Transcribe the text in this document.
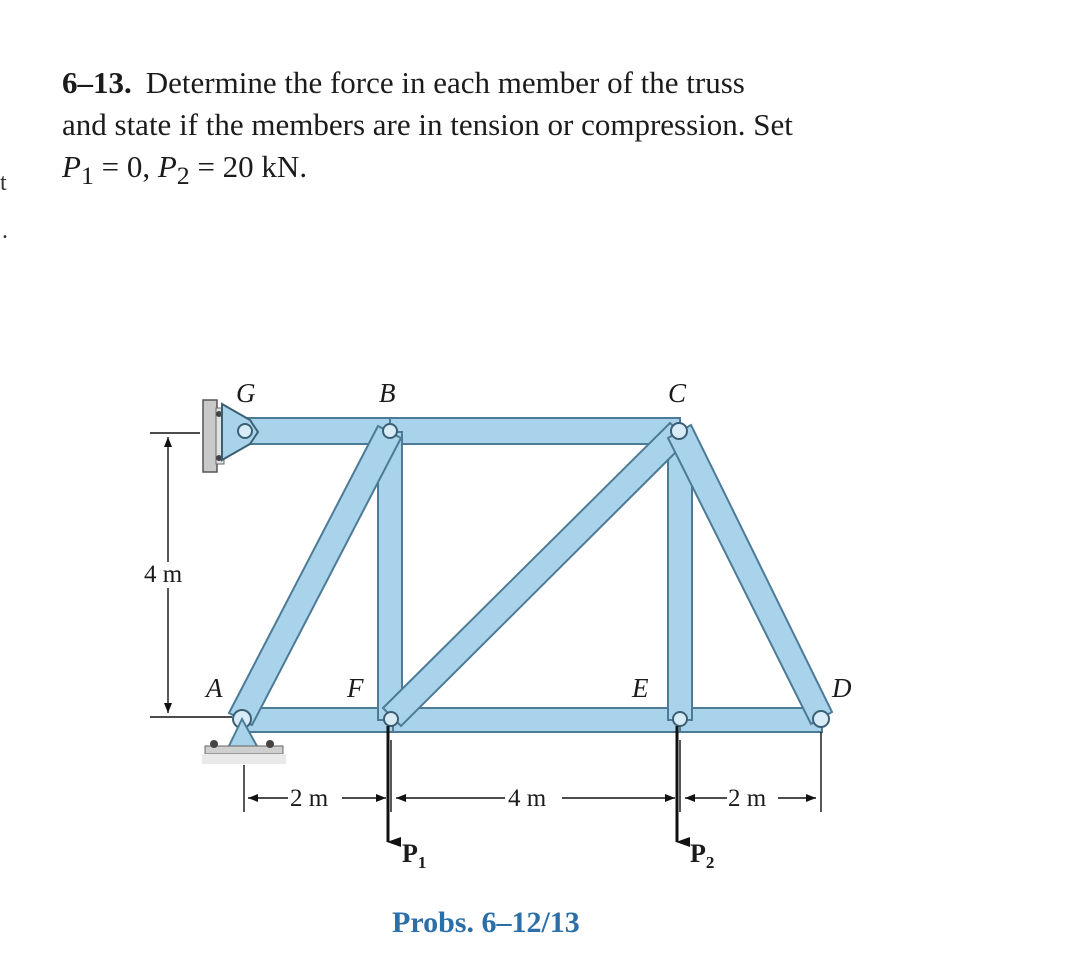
6–13. Determine the force in each member of the truss
and state if the members are in tension or compression. Set
$P_1 = 0$, $P_2 = 20$ kN.
t
.
G	B	C
A	F	E	D
4 m
2 m	4 m	2 m
$P_1$	$P_2$
Probs. 6–12/13
